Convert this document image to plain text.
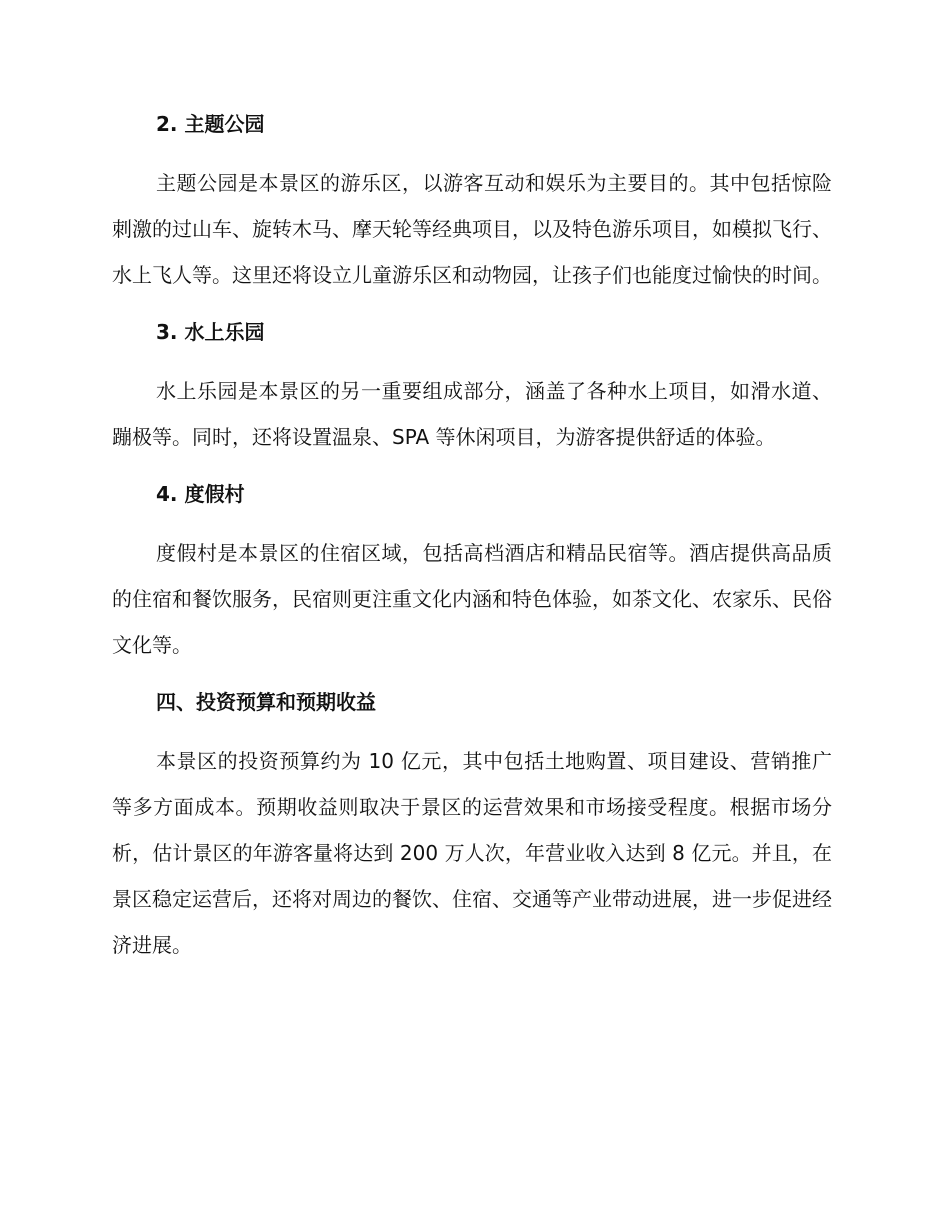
2. 主题公园

主题公园是本景区的游乐区，以游客互动和娱乐为主要目的。其中包括惊险刺激的过山车、旋转木马、摩天轮等经典项目，以及特色游乐项目，如模拟飞行、水上飞人等。这里还将设立儿童游乐区和动物园，让孩子们也能度过愉快的时间。

3. 水上乐园

水上乐园是本景区的另一重要组成部分，涵盖了各种水上项目，如滑水道、蹦极等。同时，还将设置温泉、SPA 等休闲项目，为游客提供舒适的体验。

4. 度假村

度假村是本景区的住宿区域，包括高档酒店和精品民宿等。酒店提供高品质的住宿和餐饮服务，民宿则更注重文化内涵和特色体验，如茶文化、农家乐、民俗文化等。

四、投资预算和预期收益

本景区的投资预算约为 10 亿元，其中包括土地购置、项目建设、营销推广等多方面成本。预期收益则取决于景区的运营效果和市场接受程度。根据市场分析，估计景区的年游客量将达到 200 万人次，年营业收入达到 8 亿元。并且，在景区稳定运营后，还将对周边的餐饮、住宿、交通等产业带动进展，进一步促进经济进展。
